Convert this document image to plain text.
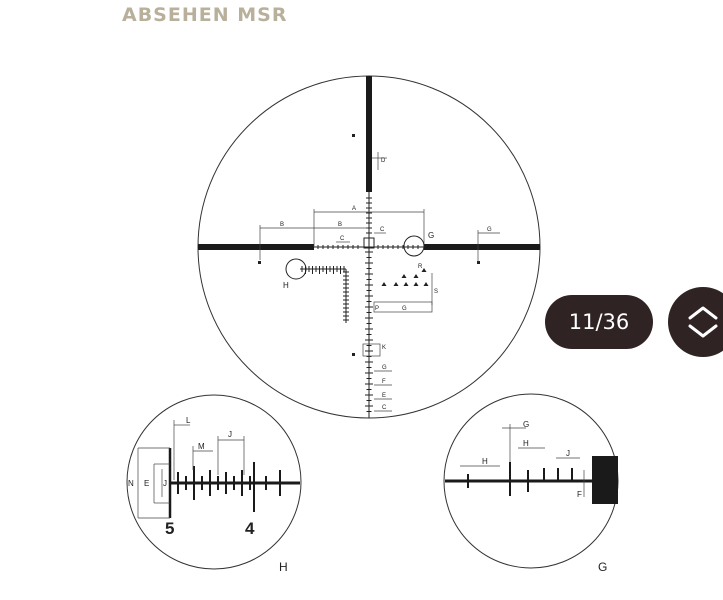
ABSEHEN MSR
D
A
B	B
C
C	G
G
H
R
S
P	G
K
G
F
E
C
L
M
J
N E J
5	4
G
H
H
J
F
H	G
11/36
